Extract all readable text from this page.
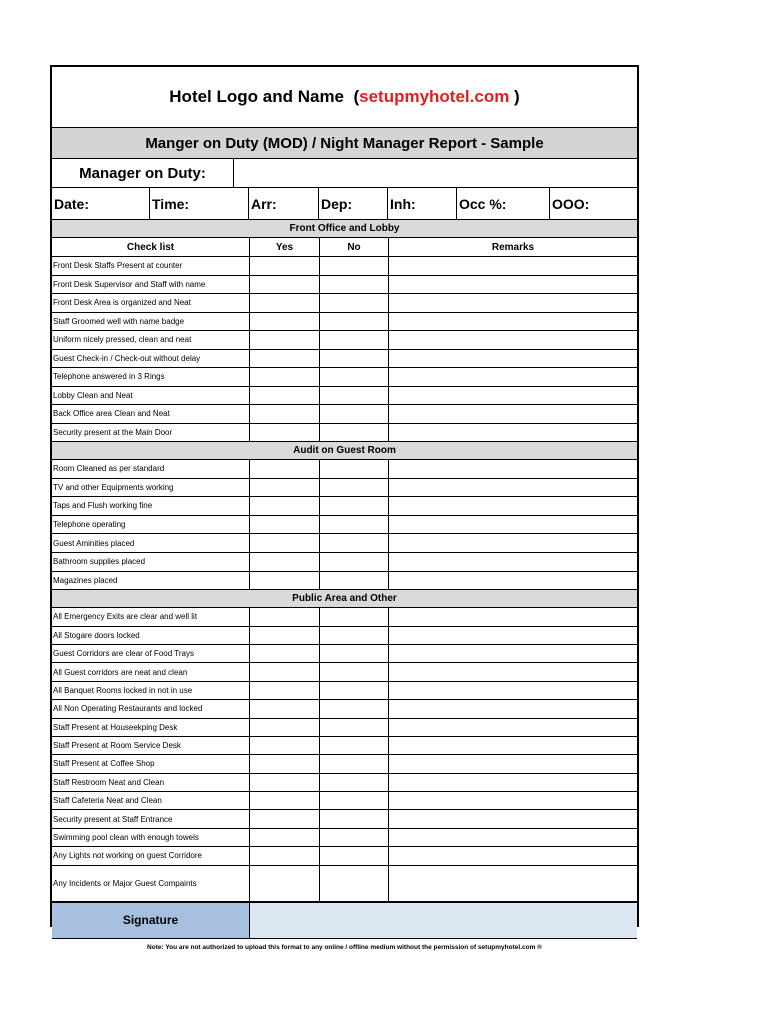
Hotel Logo and Name  ( setupmyhotel.com )
Manger on Duty (MOD) / Night Manager Report - Sample
Manager on Duty:
Date:	Time:	Arr:	Dep:	Inh:	Occ %:	OOO:
Front Office and Lobby
Check list	Yes	No	Remarks
Front Desk Staffs Present at counter
Front Desk Supervisor and Staff with name
Front Desk Area is organized and Neat
Staff Groomed well with name badge
Uniform nicely pressed, clean and neat
Guest Check-in / Check-out without delay
Telephone answered in 3 Rings
Lobby Clean and Neat
Back Office area Clean and Neat
Security present at the Main Door
Audit on Guest Room
Room Cleaned as per standard
TV and other Equipments working
Taps and Flush working fine
Telephone operating
Guest Aminities placed
Bathroom supplies placed
Magazines placed
Public Area and Other
All Emergency Exits are clear and well lit
All Stogare doors locked
Guest Corridors are clear of Food Trays
All Guest corridors are neat and clean
All Banquet Rooms locked in not in use
All Non Operating Restaurants and locked
Staff Present at Houseekping Desk
Staff Present at Room Service Desk
Staff Present at Coffee Shop
Staff Restroom Neat and Clean
Staff Cafeteria Neat and Clean
Security present at Staff Entrance
Swimming pool clean with enough towels
Any Lights not working on guest Corridore
Any Incidents or Major Guest Compaints
Signature
Note: You are not authorized to upload this format to any online / offline medium without the permission of setupmyhotel.com ®
